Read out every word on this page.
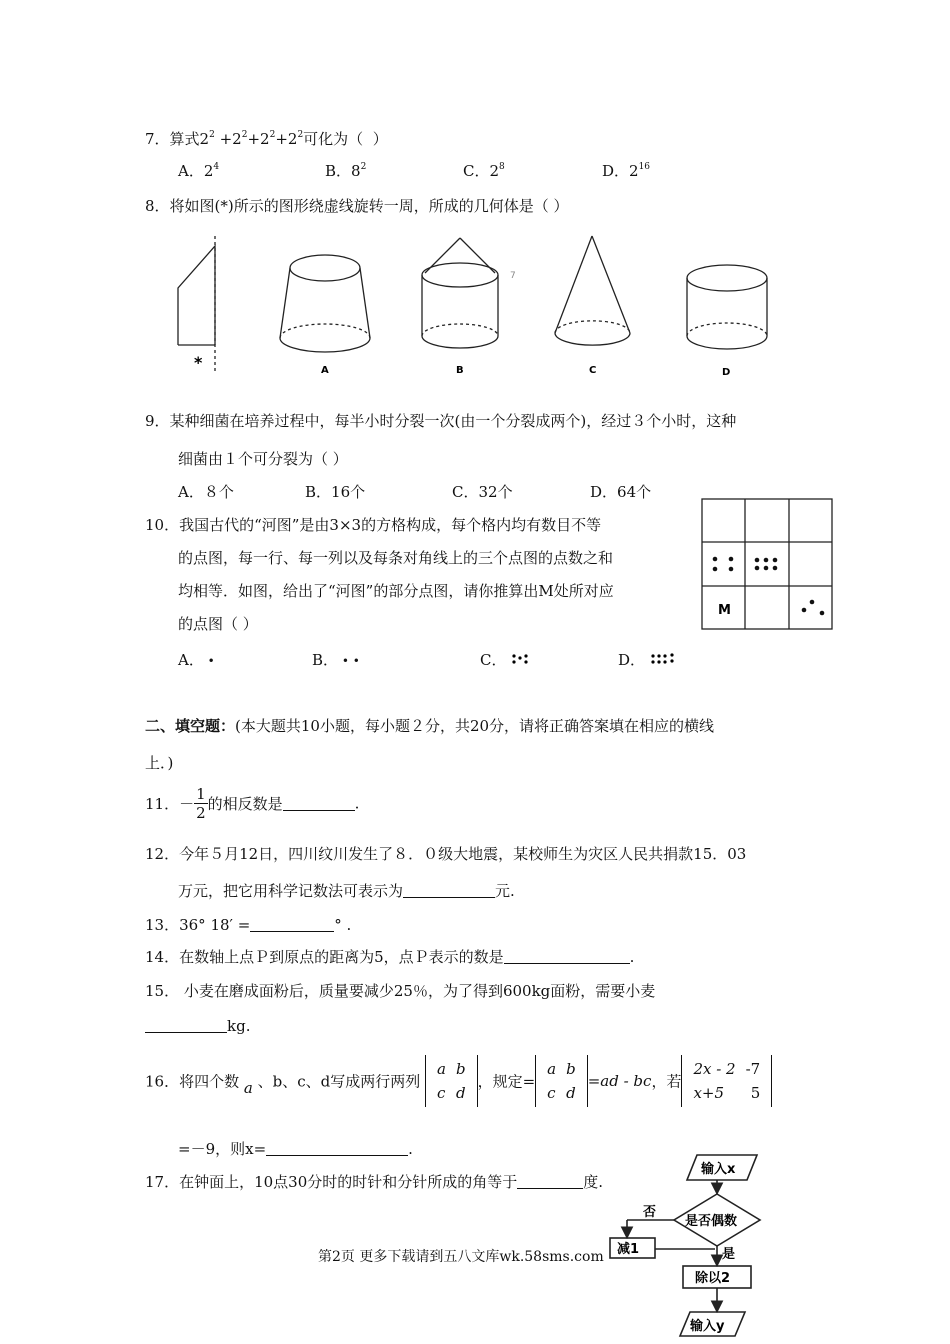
7．算式$2^2 +2^2+2^2+2^2$可化为（  ）
A．$2^4$	B．$8^2$	C．$2^8$	D．$2^{16}$
8．将如图(*)所示的图形绕虚线旋转一周，所成的几何体是（ ）
*	A	B
7
C	D
9．某种细菌在培养过程中，每半小时分裂一次(由一个分裂成两个)，经过３个小时，这种
细菌由１个可分裂为（ ）
A．８个	B．16个	C．32个	D．64个
10．我国古代的“河图”是由3×3的方格构成，每个格内均有数目不等
的点图，每一行、每一列以及每条对角线上的三个点图的点数之和
均相等．如图，给出了“河图”的部分点图，请你推算出M处所对应
的点图（ ）
A． •	B． • •	C．	D．
M
二、填空题：(本大题共10小题，每小题２分，共20分，请将正确答案填在相应的横线
上．)
11．－ $\frac{1}{2}$的相反数是	.
12．今年５月12日，四川纹川发生了８．０级大地震，某校师生为灾区人民共捐款15．03
万元，把它用科学记数法可表示为	元.
13．36° 18′ =	° .
14．在数轴上点Ｐ到原点的距离为5，点Ｐ表示的数是	.
15． 小麦在磨成面粉后，质量要减少25％，为了得到600kg面粉，需要小麦
kg.
16．将四个数 a 、b、c、d写成两行两列
a	b
c	d
，规定=
a	b
c	d
=ad - bc，若
2x - 2	-7
x+5	5
=－9，则x=	.
17．在钟面上，10点30分时的时针和分针所成的角等于	度.
输入x
是否偶数
否
是
减1
除以2
输入y
第2页 更多下载请到五八文库wk.58sms.com
